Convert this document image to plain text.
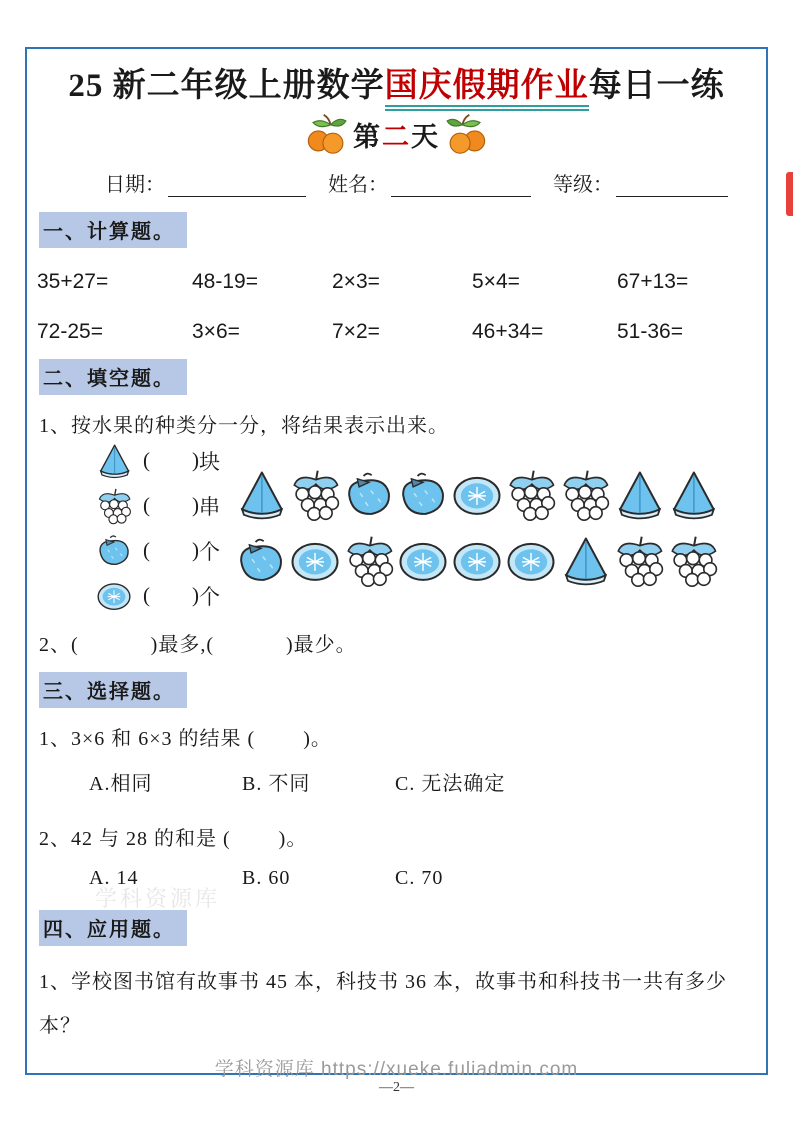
25 新二年级上册数学国庆假期作业每日一练
第二天
日期：	姓名：	等级：
一、计算题。
35+27=	48-19=	2×3=	5×4=	67+13=
72-25=	3×6=	7×2=	46+34=	51-36=
二、填空题。

1、按水果的种类分一分，将结果表示出来。

(        ) 块
(        ) 串
(        ) 个
(        ) 个

2、(            )最多,(            )最少。

三、选择题。

1、3×6 和 6×3 的结果 (        )。

A.相同	B. 不同	C. 无法确定

2、42 与 28 的和是 (        )。

A. 14	B. 60	C. 70
四、应用题。

1、学校图书馆有故事书 45 本，科技书 36 本，故事书和科技书一共有多少本？

学科资源库
学科资源库 https://xueke.fuliadmin.com
—2—
